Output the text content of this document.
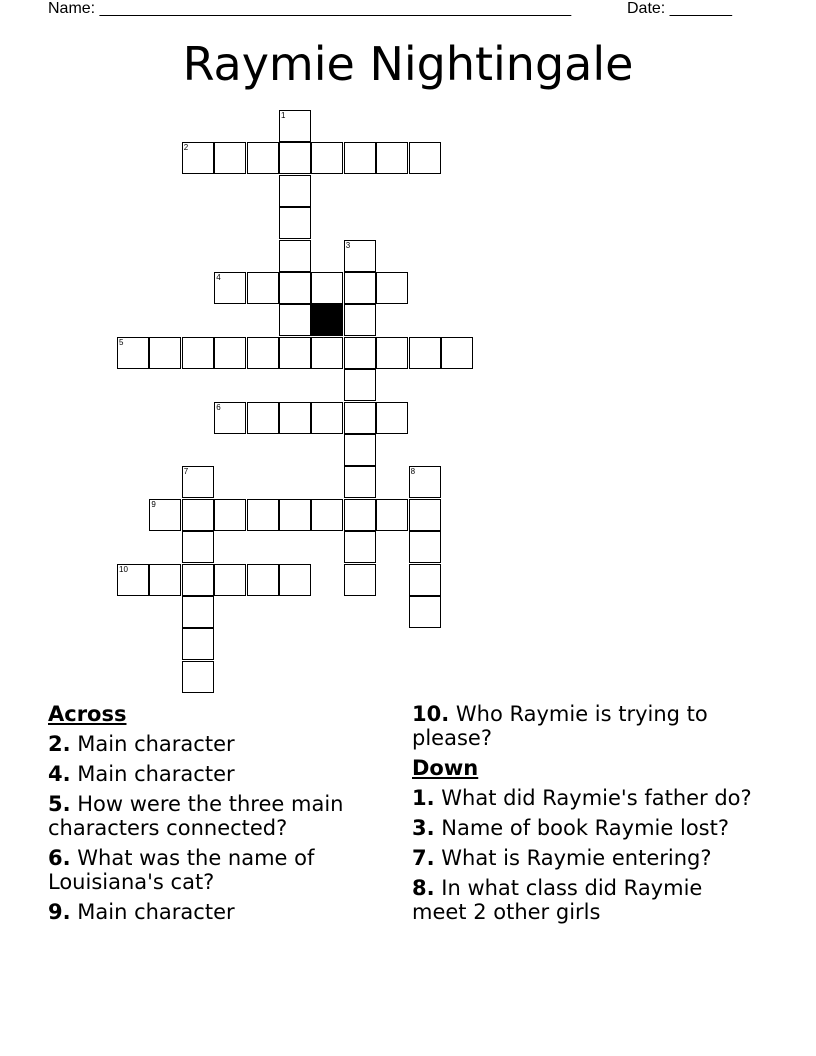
Name: _____________________________________________________	Date: _______
Raymie Nightingale
1
2
3
4
5
6
7	8
9
10
Across
2. Main character
4. Main character
5. How were the three main characters connected?
6. What was the name of Louisiana's cat?
9. Main character
10. Who Raymie is trying to please?
Down
1. What did Raymie's father do?
3. Name of book Raymie lost?
7. What is Raymie entering?
8. In what class did Raymie meet 2 other girls
